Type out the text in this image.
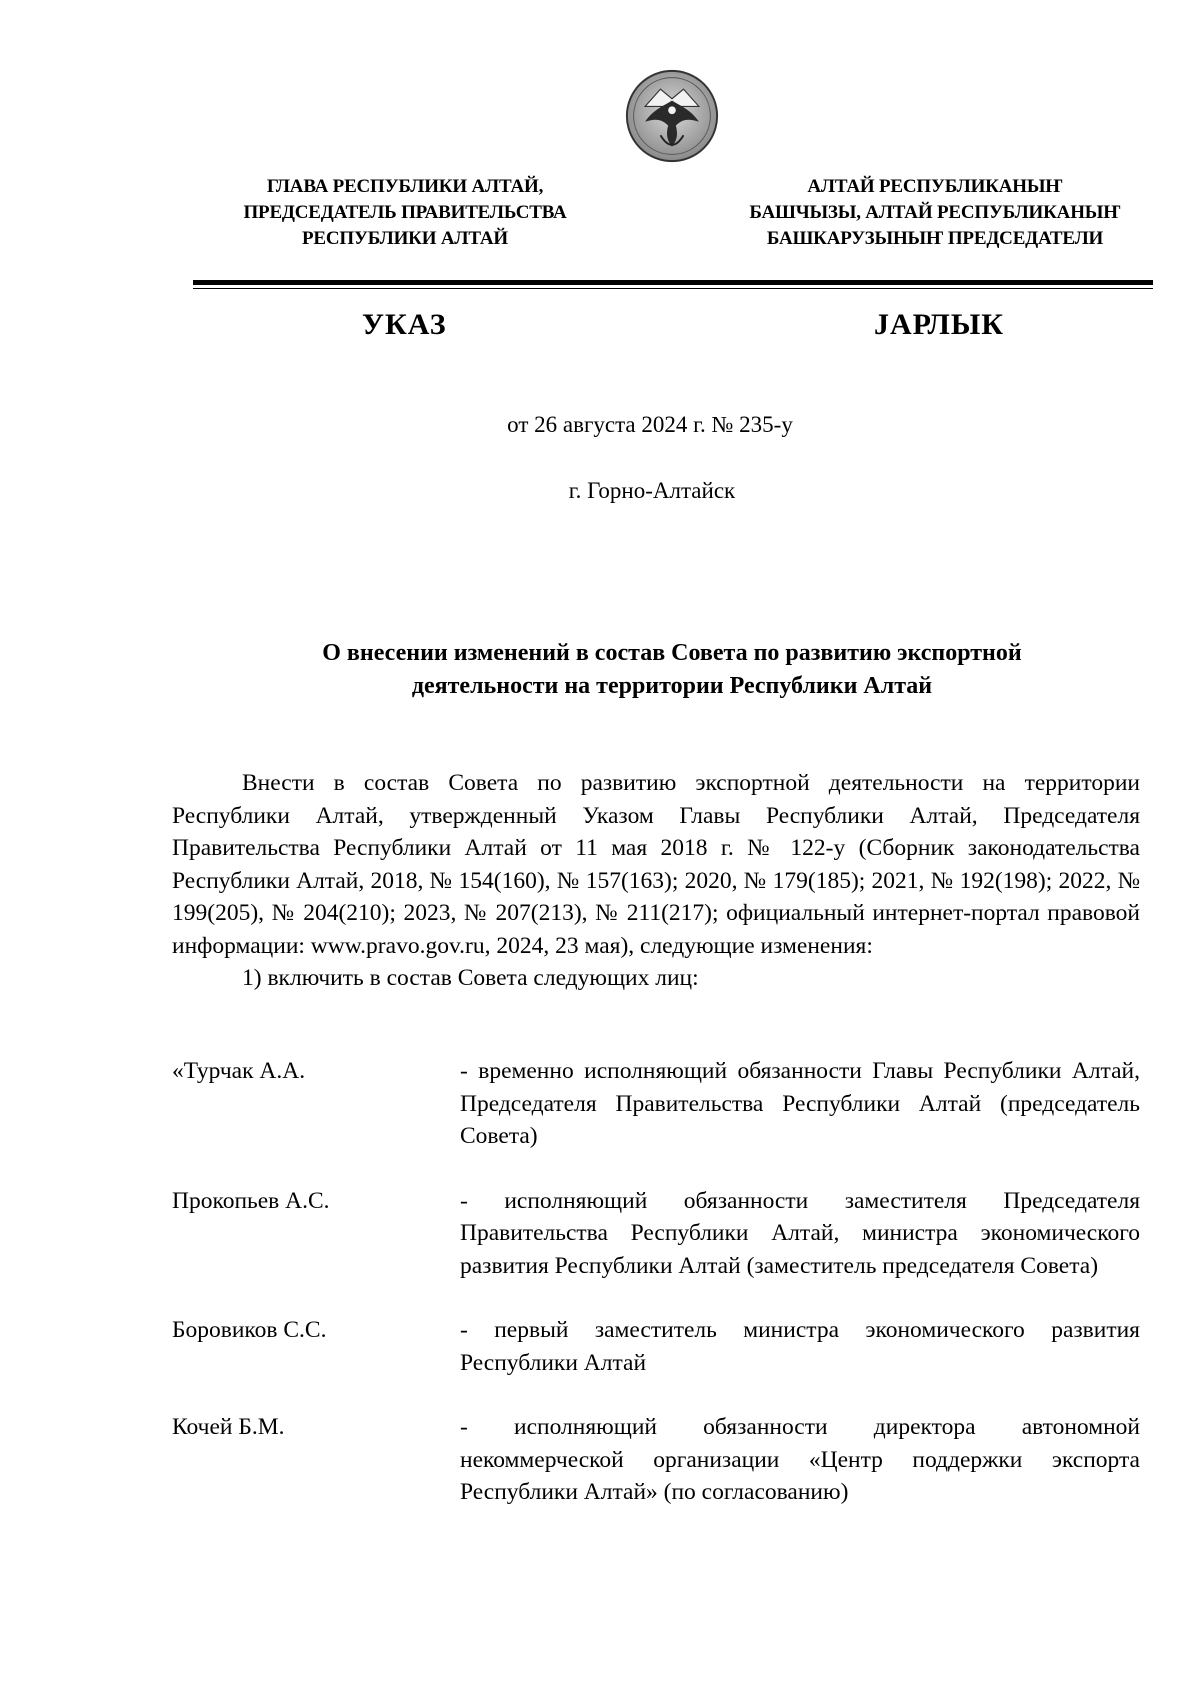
ГЛАВА РЕСПУБЛИКИ АЛТАЙ,
ПРЕДСЕДАТЕЛЬ ПРАВИТЕЛЬСТВА
РЕСПУБЛИКИ АЛТАЙ
АЛТАЙ РЕСПУБЛИКАНЫҤ
БАШЧЫЗЫ, АЛТАЙ РЕСПУБЛИКАНЫҤ
БАШКАРУЗЫНЫҤ ПРЕДСЕДАТЕЛИ
УКАЗ	JАРЛЫК
от 26 августа 2024 г. № 235-у
г. Горно-Алтайск
О внесении изменений в состав Совета по развитию экспортной
деятельности на территории Республики Алтай

Внести в состав Совета по развитию экспортной деятельности на территории Республики Алтай, утвержденный Указом Главы Республики Алтай, Председателя Правительства Республики Алтай от 11 мая 2018 г. № 122-у (Сборник законодательства Республики Алтай, 2018, № 154(160), № 157(163); 2020, № 179(185); 2021, № 192(198); 2022, № 199(205), № 204(210); 2023, № 207(213), № 211(217); официальный интернет-портал правовой информации: www.pravo.gov.ru, 2024, 23 мая), следующие изменения:

1) включить в состав Совета следующих лиц:

«Турчак А.А.	- временно исполняющий обязанности Главы Республики Алтай, Председателя Правительства Республики Алтай (председатель Совета)
Прокопьев А.С.	- исполняющий обязанности заместителя Председателя Правительства Республики Алтай, министра экономического развития Республики Алтай (заместитель председателя Совета)
Боровиков С.С.	- первый заместитель министра экономического развития Республики Алтай
Кочей Б.М.	- исполняющий обязанности директора автономной некоммерческой организации «Центр поддержки экспорта Республики Алтай» (по согласованию)
